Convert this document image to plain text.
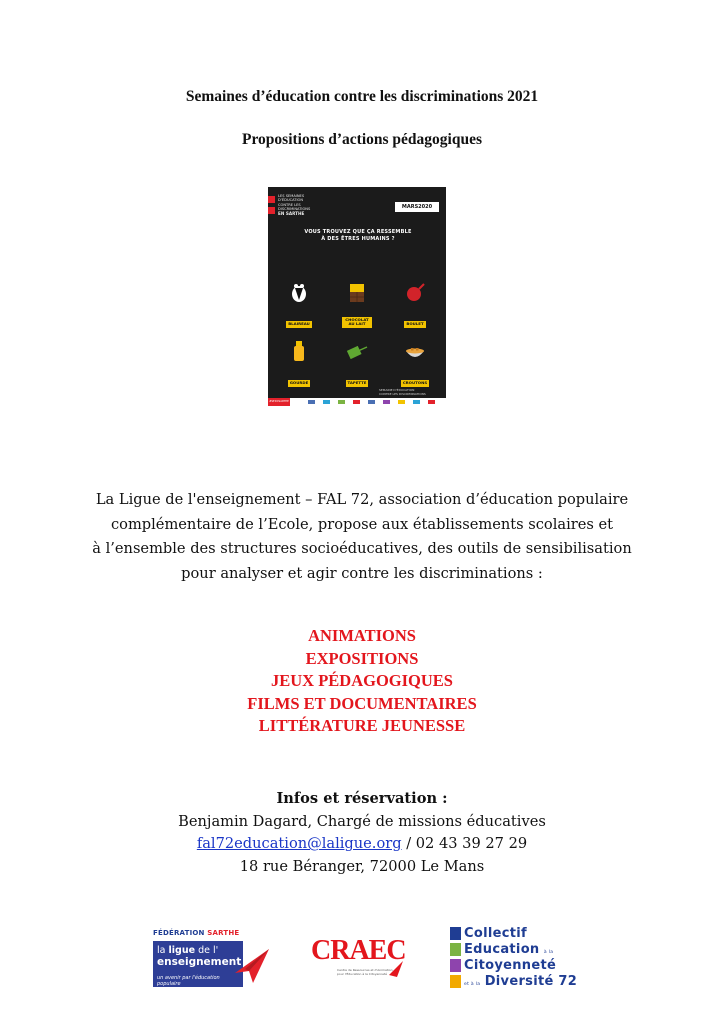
Semaines d’éducation contre les discriminations 2021
Propositions d’actions pédagogiques
LES SEMAINES
D’ÉDUCATION
CONTRE LES
DISCRIMINATIONS
EN SARTHE
MARS2020
VOUS TROUVEZ QUE ÇA RESSEMBLE
À DES ÊTRES HUMAINS ?
BLAIREAU
CHOCOLAT AU LAIT	BOULET
GOURDE	TAPETTE	CROUTONS
SEMAINE D’ÉDUCATION
CONTRE LES DISCRIMINATIONS
#SEDCSARTHE
La Ligue de l'enseignement – FAL 72, association d’éducation populaire
complémentaire de l’Ecole, propose aux établissements scolaires et
à l’ensemble des structures socioéducatives, des outils de sensibilisation
pour analyser et agir contre les discriminations :
ANIMATIONS
EXPOSITIONS
JEUX PÉDAGOGIQUES
FILMS ET DOCUMENTAIRES
LITTÉRATURE JEUNESSE
Infos et réservation :
Benjamin Dagard, Chargé de missions éducatives
fal72education@laligue.org / 02 43 39 27 29
18 rue Béranger, 72000 Le Mans
FÉDÉRATION SARTHE
la ligue de l'
enseignement
un avenir par l'éducation populaire
CRAEC
Centre de Ressources et d'Animation
pour l'Éducation à la Citoyenneté
Collectif
Education à la
Citoyenneté
et à la Diversité 72
